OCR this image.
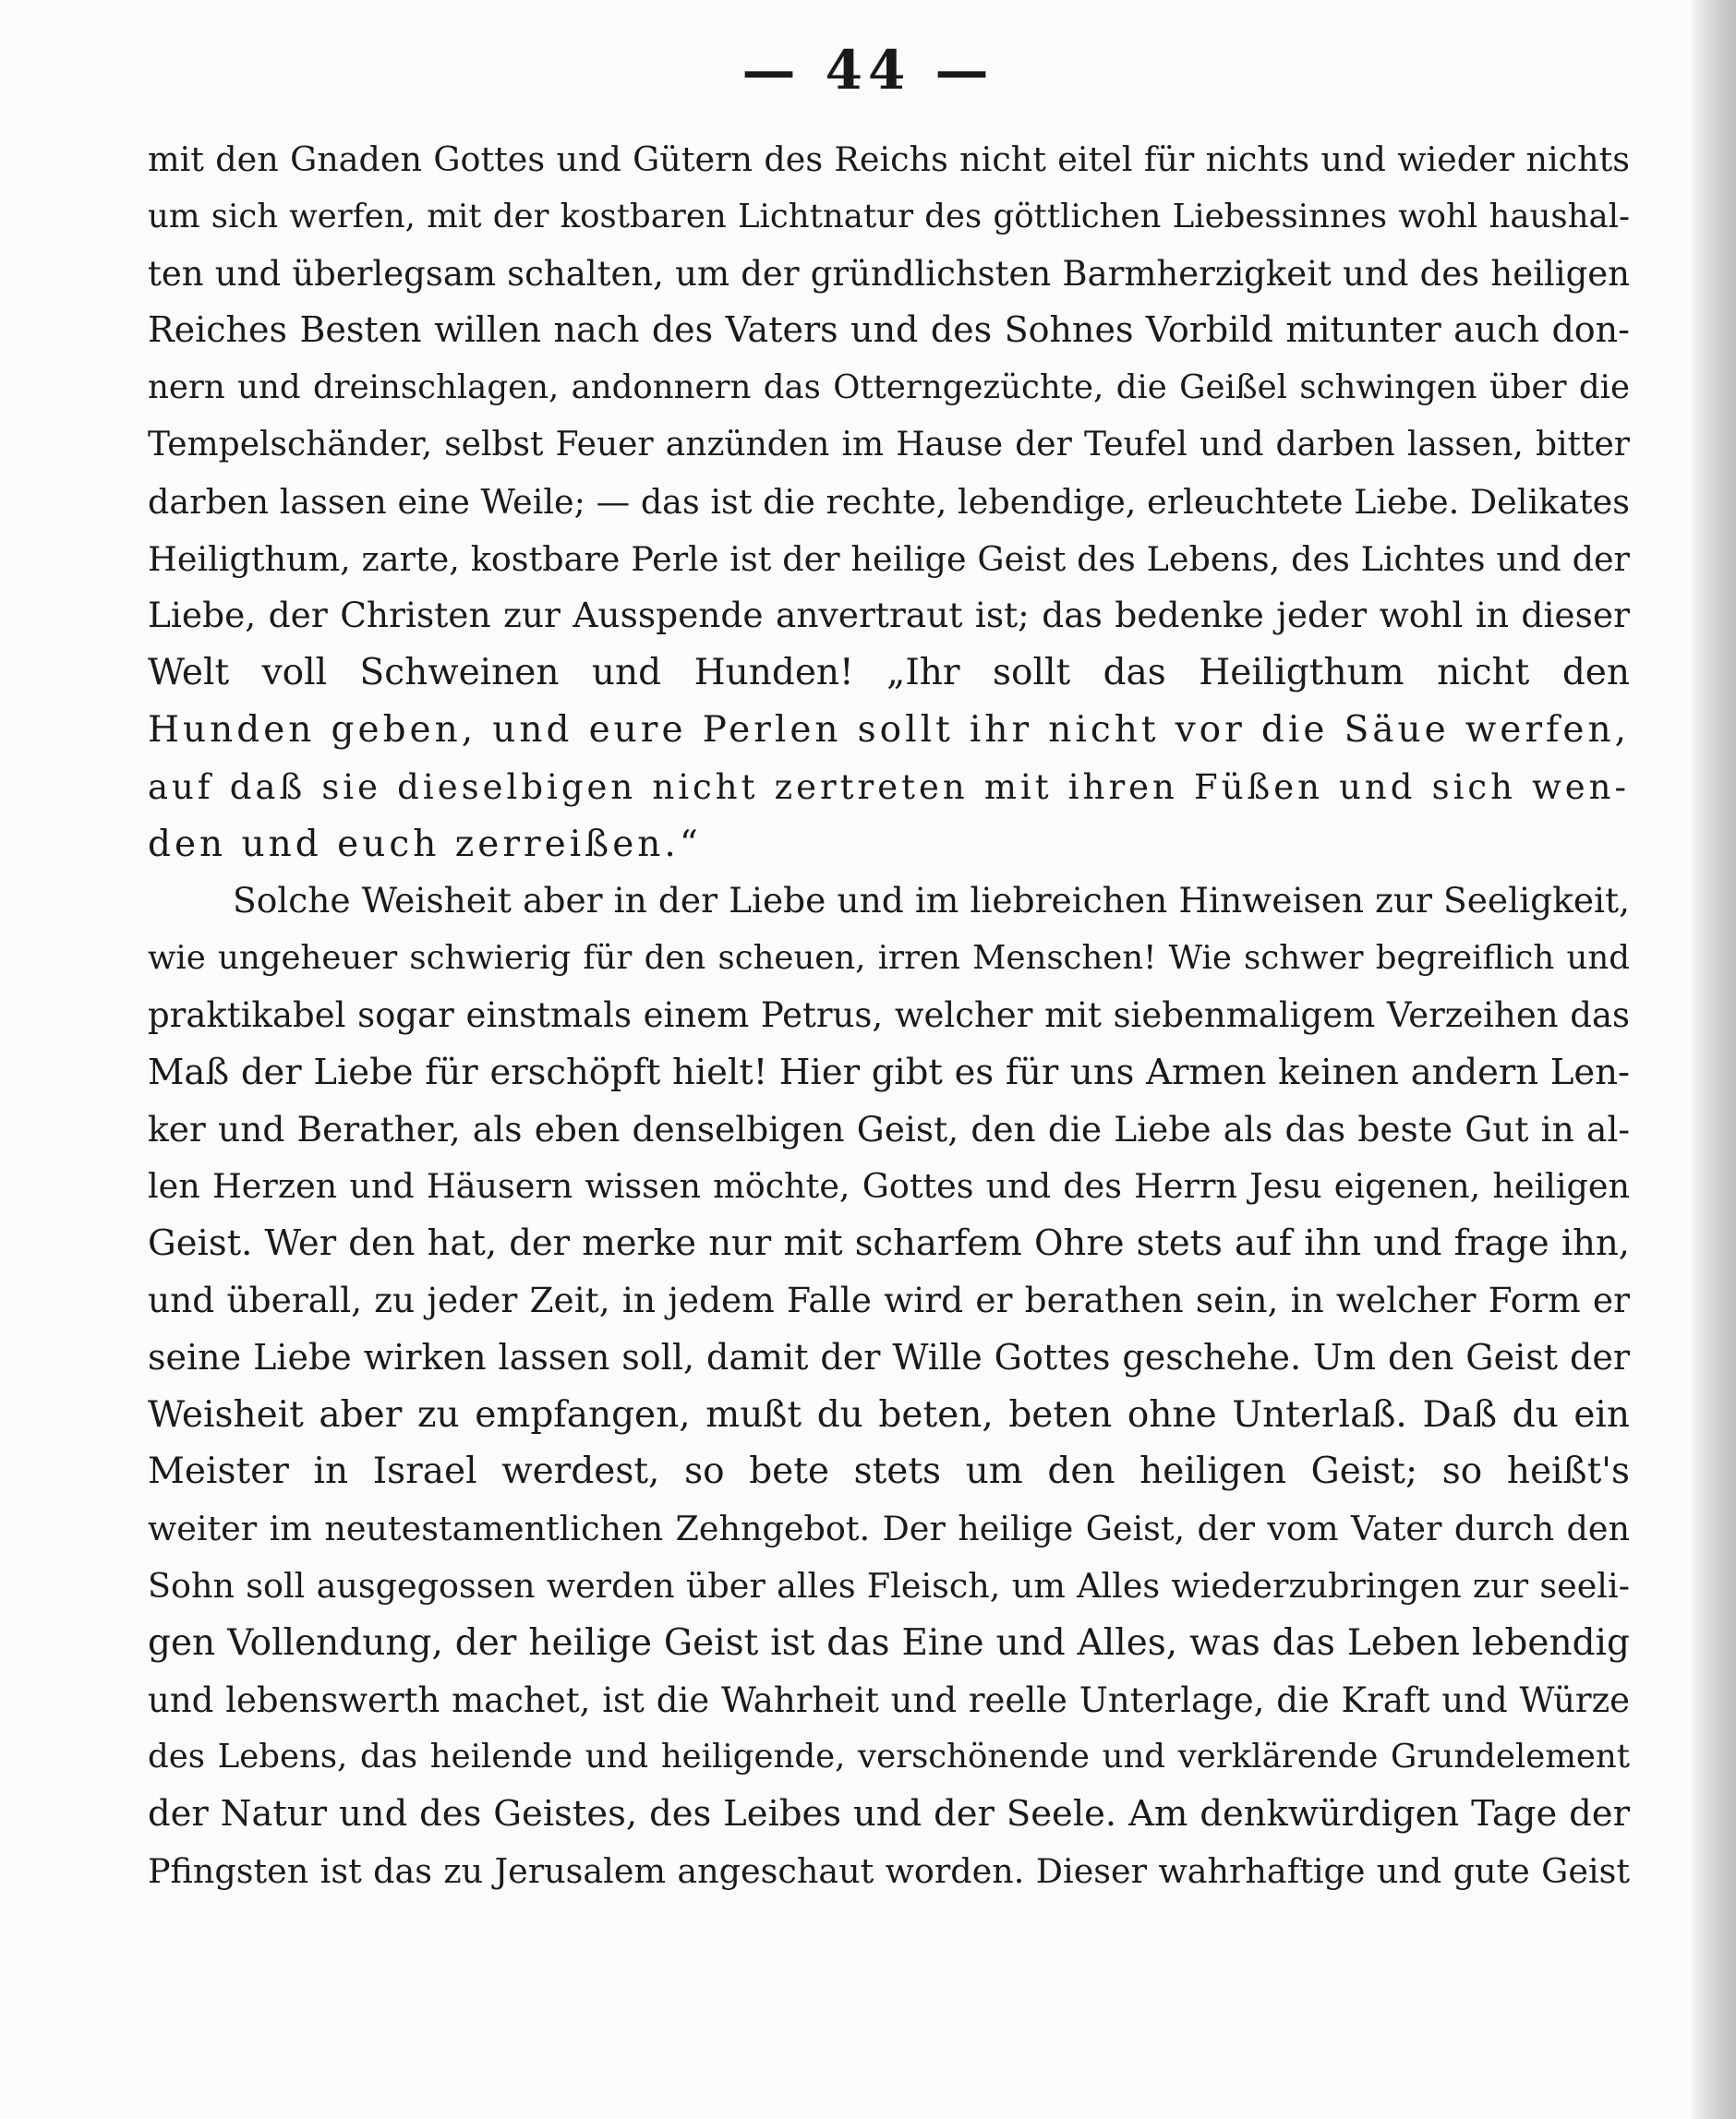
— 44 —
mit den Gnaden Gottes und Gütern des Reichs nicht eitel für nichts und wieder nichts
um sich werfen, mit der kostbaren Lichtnatur des göttlichen Liebessinnes wohl haushal-
ten und überlegsam schalten, um der gründlichsten Barmherzigkeit und des heiligen
Reiches Besten willen nach des Vaters und des Sohnes Vorbild mitunter auch don-
nern und dreinschlagen, andonnern das Otterngezüchte, die Geißel schwingen über die
Tempelschänder, selbst Feuer anzünden im Hause der Teufel und darben lassen, bitter
darben lassen eine Weile; — das ist die rechte, lebendige, erleuchtete Liebe. Delikates
Heiligthum, zarte, kostbare Perle ist der heilige Geist des Lebens, des Lichtes und der
Liebe, der Christen zur Ausspende anvertraut ist; das bedenke jeder wohl in dieser
Welt voll Schweinen und Hunden! „Ihr sollt das Heiligthum nicht den
Hunden geben, und eure Perlen sollt ihr nicht vor die Säue werfen,
auf daß sie dieselbigen nicht zertreten mit ihren Füßen und sich wen-
den und euch zerreißen.“
Solche Weisheit aber in der Liebe und im liebreichen Hinweisen zur Seeligkeit,
wie ungeheuer schwierig für den scheuen, irren Menschen! Wie schwer begreiflich und
praktikabel sogar einstmals einem Petrus, welcher mit siebenmaligem Verzeihen das
Maß der Liebe für erschöpft hielt! Hier gibt es für uns Armen keinen andern Len-
ker und Berather, als eben denselbigen Geist, den die Liebe als das beste Gut in al-
len Herzen und Häusern wissen möchte, Gottes und des Herrn Jesu eigenen, heiligen
Geist. Wer den hat, der merke nur mit scharfem Ohre stets auf ihn und frage ihn,
und überall, zu jeder Zeit, in jedem Falle wird er berathen sein, in welcher Form er
seine Liebe wirken lassen soll, damit der Wille Gottes geschehe. Um den Geist der
Weisheit aber zu empfangen, mußt du beten, beten ohne Unterlaß. Daß du ein
Meister in Israel werdest, so bete stets um den heiligen Geist; so heißt's
weiter im neutestamentlichen Zehngebot. Der heilige Geist, der vom Vater durch den
Sohn soll ausgegossen werden über alles Fleisch, um Alles wiederzubringen zur seeli-
gen Vollendung, der heilige Geist ist das Eine und Alles, was das Leben lebendig
und lebenswerth machet, ist die Wahrheit und reelle Unterlage, die Kraft und Würze
des Lebens, das heilende und heiligende, verschönende und verklärende Grundelement
der Natur und des Geistes, des Leibes und der Seele. Am denkwürdigen Tage der
Pfingsten ist das zu Jerusalem angeschaut worden. Dieser wahrhaftige und gute Geist
